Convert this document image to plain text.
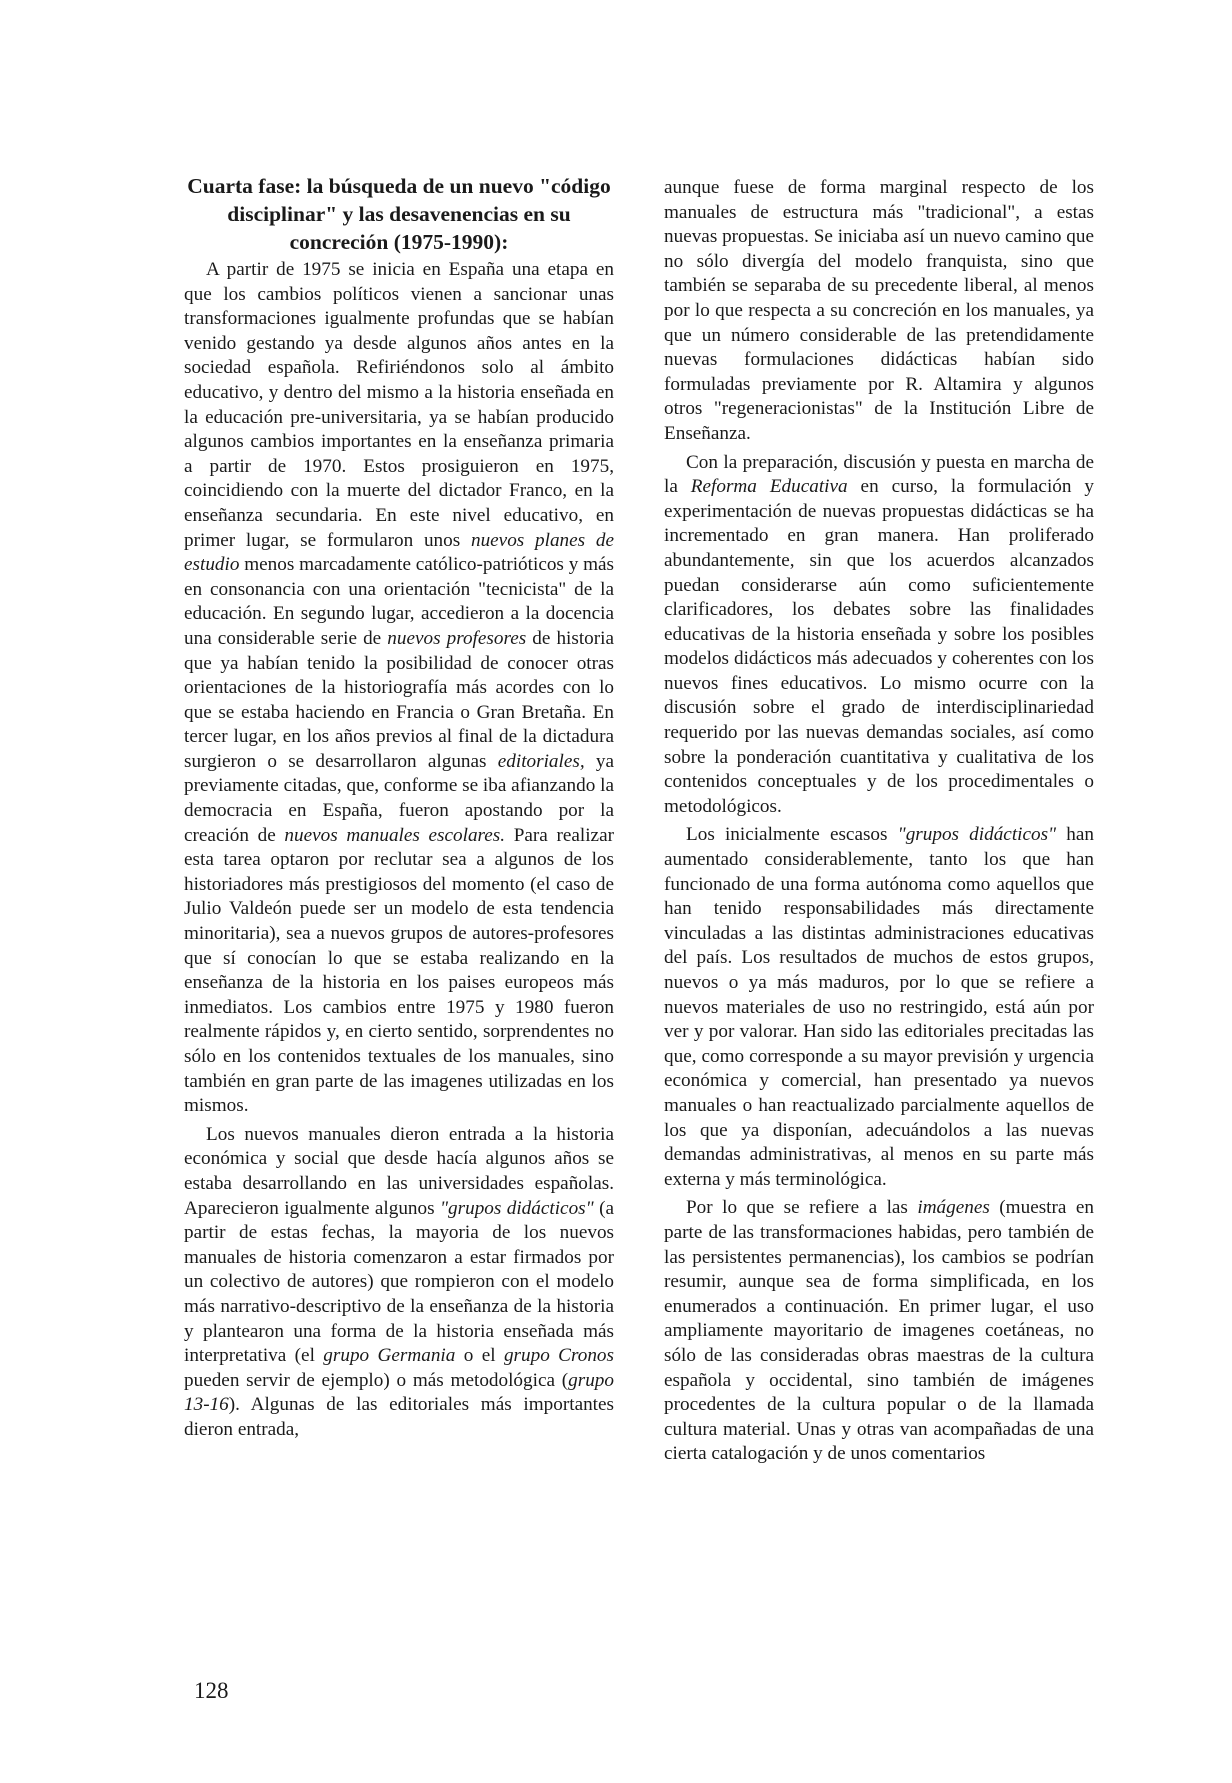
Cuarta fase: la búsqueda de un nuevo "código disciplinar" y las desavenencias en su concreción (1975-1990):

A partir de 1975 se inicia en España una etapa en que los cambios políticos vienen a sancionar unas transformaciones igualmente profundas que se habían venido gestando ya desde algunos años antes en la sociedad española. Refiriéndonos solo al ámbito educativo, y dentro del mismo a la historia enseñada en la educación pre-universitaria, ya se habían producido algunos cambios importantes en la enseñanza primaria a partir de 1970. Estos prosiguieron en 1975, coincidiendo con la muerte del dictador Franco, en la enseñanza secundaria. En este nivel educativo, en primer lugar, se formularon unos nuevos planes de estudio menos marcadamente católico-patrióticos y más en consonancia con una orientación "tecnicista" de la educación. En segundo lugar, accedieron a la docencia una considerable serie de nuevos profesores de historia que ya habían tenido la posibilidad de conocer otras orientaciones de la historiografía más acordes con lo que se estaba haciendo en Francia o Gran Bretaña. En tercer lugar, en los años previos al final de la dictadura surgieron o se desarrollaron algunas editoriales, ya previamente citadas, que, conforme se iba afianzando la democracia en España, fueron apostando por la creación de nuevos manuales escolares. Para realizar esta tarea optaron por reclutar sea a algunos de los historiadores más prestigiosos del momento (el caso de Julio Valdeón puede ser un modelo de esta tendencia minoritaria), sea a nuevos grupos de autores-profesores que sí conocían lo que se estaba realizando en la enseñanza de la historia en los paises europeos más inmediatos. Los cambios entre 1975 y 1980 fueron realmente rápidos y, en cierto sentido, sorprendentes no sólo en los contenidos textuales de los manuales, sino también en gran parte de las imagenes utilizadas en los mismos.

Los nuevos manuales dieron entrada a la historia económica y social que desde hacía algunos años se estaba desarrollando en las universidades españolas. Aparecieron igualmente algunos "grupos didácticos" (a partir de estas fechas, la mayoria de los nuevos manuales de historia comenzaron a estar firmados por un colectivo de autores) que rompieron con el modelo más narrativo-descriptivo de la enseñanza de la historia y plantearon una forma de la historia enseñada más interpretativa (el grupo Germania o el grupo Cronos pueden servir de ejemplo) o más metodológica (grupo 13-16). Algunas de las editoriales más importantes dieron entrada,

aunque fuese de forma marginal respecto de los manuales de estructura más "tradicional", a estas nuevas propuestas. Se iniciaba así un nuevo camino que no sólo divergía del modelo franquista, sino que también se separaba de su precedente liberal, al menos por lo que respecta a su concreción en los manuales, ya que un número considerable de las pretendidamente nuevas formulaciones didácticas habían sido formuladas previamente por R. Altamira y algunos otros "regeneracionistas" de la Institución Libre de Enseñanza.

Con la preparación, discusión y puesta en marcha de la Reforma Educativa en curso, la formulación y experimentación de nuevas propuestas didácticas se ha incrementado en gran manera. Han proliferado abundantemente, sin que los acuerdos alcanzados puedan considerarse aún como suficientemente clarificadores, los debates sobre las finalidades educativas de la historia enseñada y sobre los posibles modelos didácticos más adecuados y coherentes con los nuevos fines educativos. Lo mismo ocurre con la discusión sobre el grado de interdisciplinariedad requerido por las nuevas demandas sociales, así como sobre la ponderación cuantitativa y cualitativa de los contenidos conceptuales y de los procedimentales o metodológicos.

Los inicialmente escasos "grupos didácticos" han aumentado considerablemente, tanto los que han funcionado de una forma autónoma como aquellos que han tenido responsabilidades más directamente vinculadas a las distintas administraciones educativas del país. Los resultados de muchos de estos grupos, nuevos o ya más maduros, por lo que se refiere a nuevos materiales de uso no restringido, está aún por ver y por valorar. Han sido las editoriales precitadas las que, como corresponde a su mayor previsión y urgencia económica y comercial, han presentado ya nuevos manuales o han reactualizado parcialmente aquellos de los que ya disponían, adecuándolos a las nuevas demandas administrativas, al menos en su parte más externa y más terminológica.

Por lo que se refiere a las imágenes (muestra en parte de las transformaciones habidas, pero también de las persistentes permanencias), los cambios se podrían resumir, aunque sea de forma simplificada, en los enumerados a continuación. En primer lugar, el uso ampliamente mayoritario de imagenes coetáneas, no sólo de las consideradas obras maestras de la cultura española y occidental, sino también de imágenes procedentes de la cultura popular o de la llamada cultura material. Unas y otras van acompañadas de una cierta catalogación y de unos comentarios

128
